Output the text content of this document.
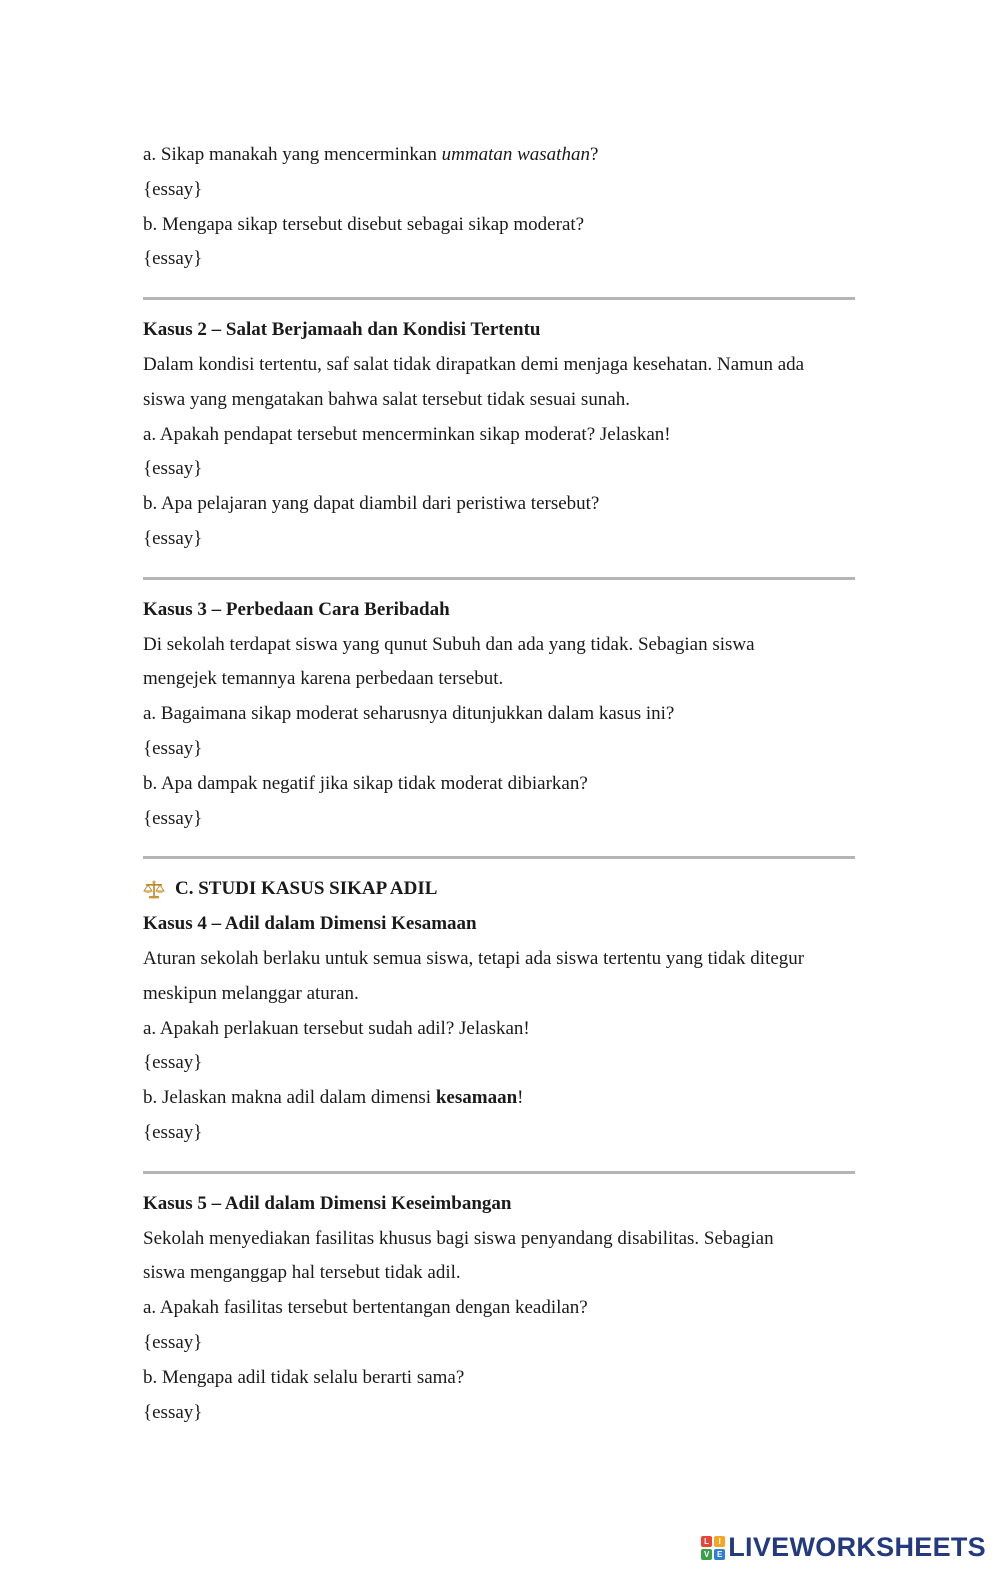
a. Sikap manakah yang mencerminkan ummatan wasathan?
{essay}
b. Mengapa sikap tersebut disebut sebagai sikap moderat?
{essay}
Kasus 2 – Salat Berjamaah dan Kondisi Tertentu
Dalam kondisi tertentu, saf salat tidak dirapatkan demi menjaga kesehatan. Namun ada
siswa yang mengatakan bahwa salat tersebut tidak sesuai sunah.
a. Apakah pendapat tersebut mencerminkan sikap moderat? Jelaskan!
{essay}
b. Apa pelajaran yang dapat diambil dari peristiwa tersebut?
{essay}
Kasus 3 – Perbedaan Cara Beribadah
Di sekolah terdapat siswa yang qunut Subuh dan ada yang tidak. Sebagian siswa
mengejek temannya karena perbedaan tersebut.
a. Bagaimana sikap moderat seharusnya ditunjukkan dalam kasus ini?
{essay}
b. Apa dampak negatif jika sikap tidak moderat dibiarkan?
{essay}
C. STUDI KASUS SIKAP ADIL
Kasus 4 – Adil dalam Dimensi Kesamaan
Aturan sekolah berlaku untuk semua siswa, tetapi ada siswa tertentu yang tidak ditegur
meskipun melanggar aturan.
a. Apakah perlakuan tersebut sudah adil? Jelaskan!
{essay}
b. Jelaskan makna adil dalam dimensi kesamaan!
{essay}
Kasus 5 – Adil dalam Dimensi Keseimbangan
Sekolah menyediakan fasilitas khusus bagi siswa penyandang disabilitas. Sebagian
siswa menganggap hal tersebut tidak adil.
a. Apakah fasilitas tersebut bertentangan dengan keadilan?
{essay}
b. Mengapa adil tidak selalu berarti sama?
{essay}
L	I
V E LIVEWORKSHEETS
